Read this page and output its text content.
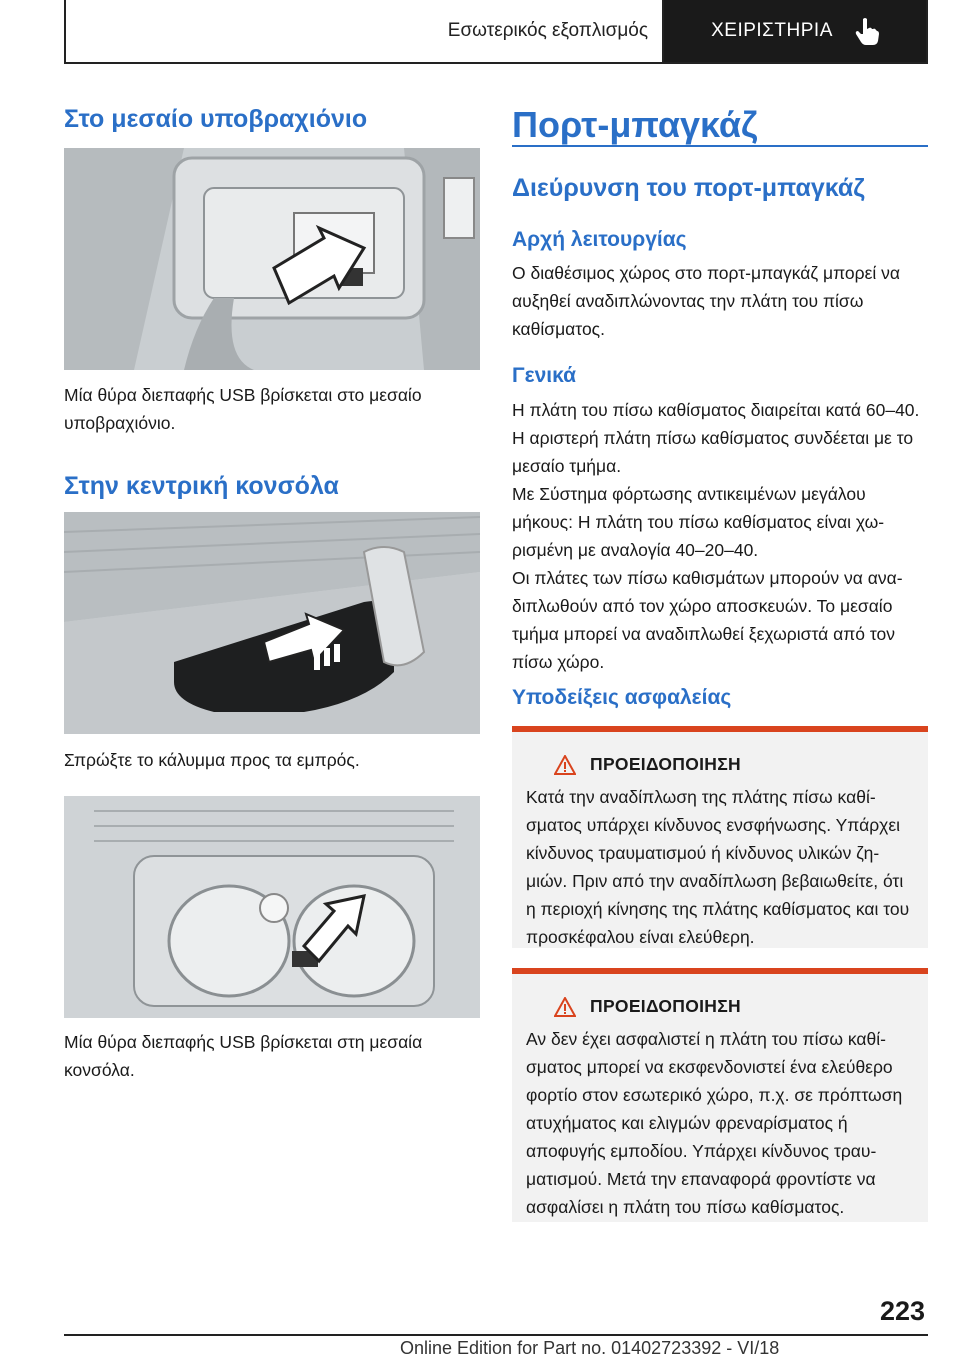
Εσωτερικός εξοπλισμός	ΧΕΙΡΙΣΤΗΡΙΑ
Στο μεσαίο υποβραχιόνιο

Μία θύρα διεπαφής USB βρίσκεται στο μεσαίο υποβραχιόνιο.

Στην κεντρική κονσόλα

Σπρώξτε το κάλυμμα προς τα εμπρός.

Μία θύρα διεπαφής USB βρίσκεται στη μεσαία κονσόλα.

Πορτ-μπαγκάζ
Διεύρυνση του πορτ-μπαγκάζ
Αρχή λειτουργίας

Ο διαθέσιμος χώρος στο πορτ-μπαγκάζ μπορεί να αυξηθεί αναδιπλώνοντας την πλάτη του πίσω καθίσματος.

Γενικά

Η πλάτη του πίσω καθίσματος διαιρείται κατά 60–40. Η αριστερή πλάτη πίσω καθίσματος συνδέεται με το μεσαίο τμήμα.

Με Σύστημα φόρτωσης αντικειμένων μεγάλου μήκους: Η πλάτη του πίσω καθίσματος είναι χωρισμένη με αναλογία 40–20–40.

Οι πλάτες των πίσω καθισμάτων μπορούν να αναδιπλωθούν από τον χώρο αποσκευών. Το μεσαίο τμήμα μπορεί να αναδιπλωθεί ξεχωριστά από τον πίσω χώρο.

Υποδείξεις ασφαλείας
ΠΡΟΕΙΔΟΠΟΙΗΣΗ
Κατά την αναδίπλωση της πλάτης πίσω καθίσματος υπάρχει κίνδυνος ενσφήνωσης. Υπάρχει κίνδυνος τραυματισμού ή κίνδυνος υλικών ζημιών. Πριν από την αναδίπλωση βεβαιωθείτε, ότι η περιοχή κίνησης της πλάτης καθίσματος και του προσκέφαλου είναι ελεύθερη.
ΠΡΟΕΙΔΟΠΟΙΗΣΗ
Αν δεν έχει ασφαλιστεί η πλάτη του πίσω καθίσματος μπορεί να εκσφενδονιστεί ένα ελεύθερο φορτίο στον εσωτερικό χώρο, π.χ. σε πρόπτωση ατυχήματος και ελιγμών φρεναρίσματος ή αποφυγής εμποδίου. Υπάρχει κίνδυνος τραυματισμού. Μετά την επαναφορά φροντίστε να ασφαλίσει η πλάτη του πίσω καθίσματος.
223
Online Edition for Part no. 01402723392 - VI/18
